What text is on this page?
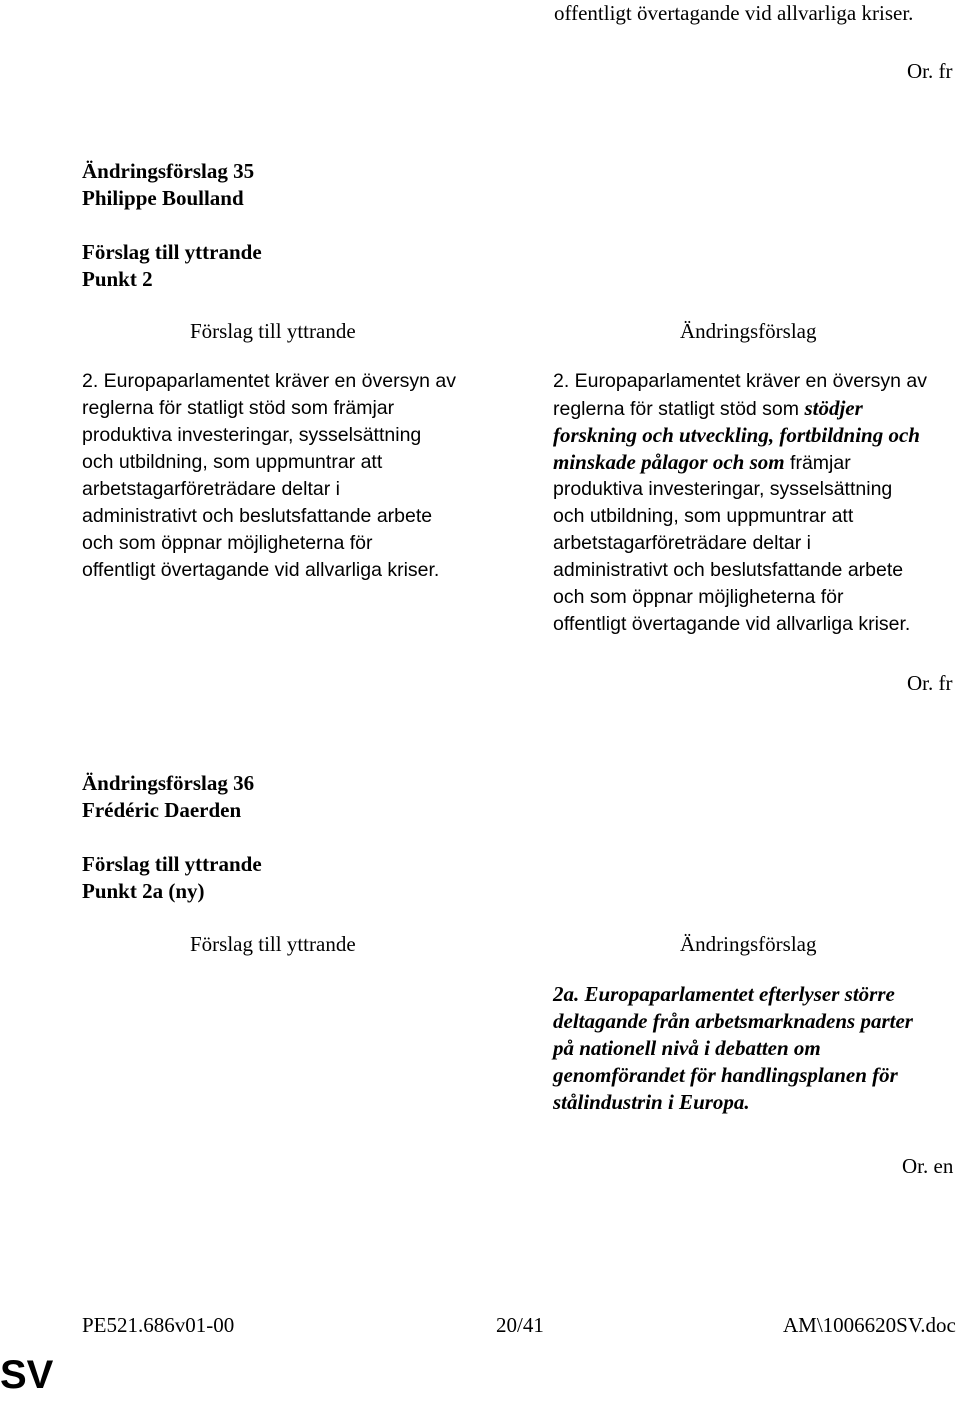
offentligt övertagande vid allvarliga kriser.
Or. fr
Ändringsförslag 35
Philippe Boulland
Förslag till yttrande
Punkt 2
Förslag till yttrande	Ändringsförslag
2. Europaparlamentet kräver en översyn av
reglerna för statligt stöd som främjar
produktiva investeringar, sysselsättning
och utbildning, som uppmuntrar att
arbetstagarföreträdare deltar i
administrativt och beslutsfattande arbete
och som öppnar möjligheterna för
offentligt övertagande vid allvarliga kriser.
2. Europaparlamentet kräver en översyn av
reglerna för statligt stöd som stödjer
forskning och utveckling, fortbildning och
minskade pålagor och som främjar
produktiva investeringar, sysselsättning
och utbildning, som uppmuntrar att
arbetstagarföreträdare deltar i
administrativt och beslutsfattande arbete
och som öppnar möjligheterna för
offentligt övertagande vid allvarliga kriser.
Or. fr
Ändringsförslag 36
Frédéric Daerden
Förslag till yttrande
Punkt 2a (ny)
Förslag till yttrande	Ändringsförslag
2a. Europaparlamentet efterlyser större
deltagande från arbetsmarknadens parter
på nationell nivå i debatten om
genomförandet för handlingsplanen för
stålindustrin i Europa.
Or. en
PE521.686v01-00	20/41	AM\1006620SV.doc
SV
